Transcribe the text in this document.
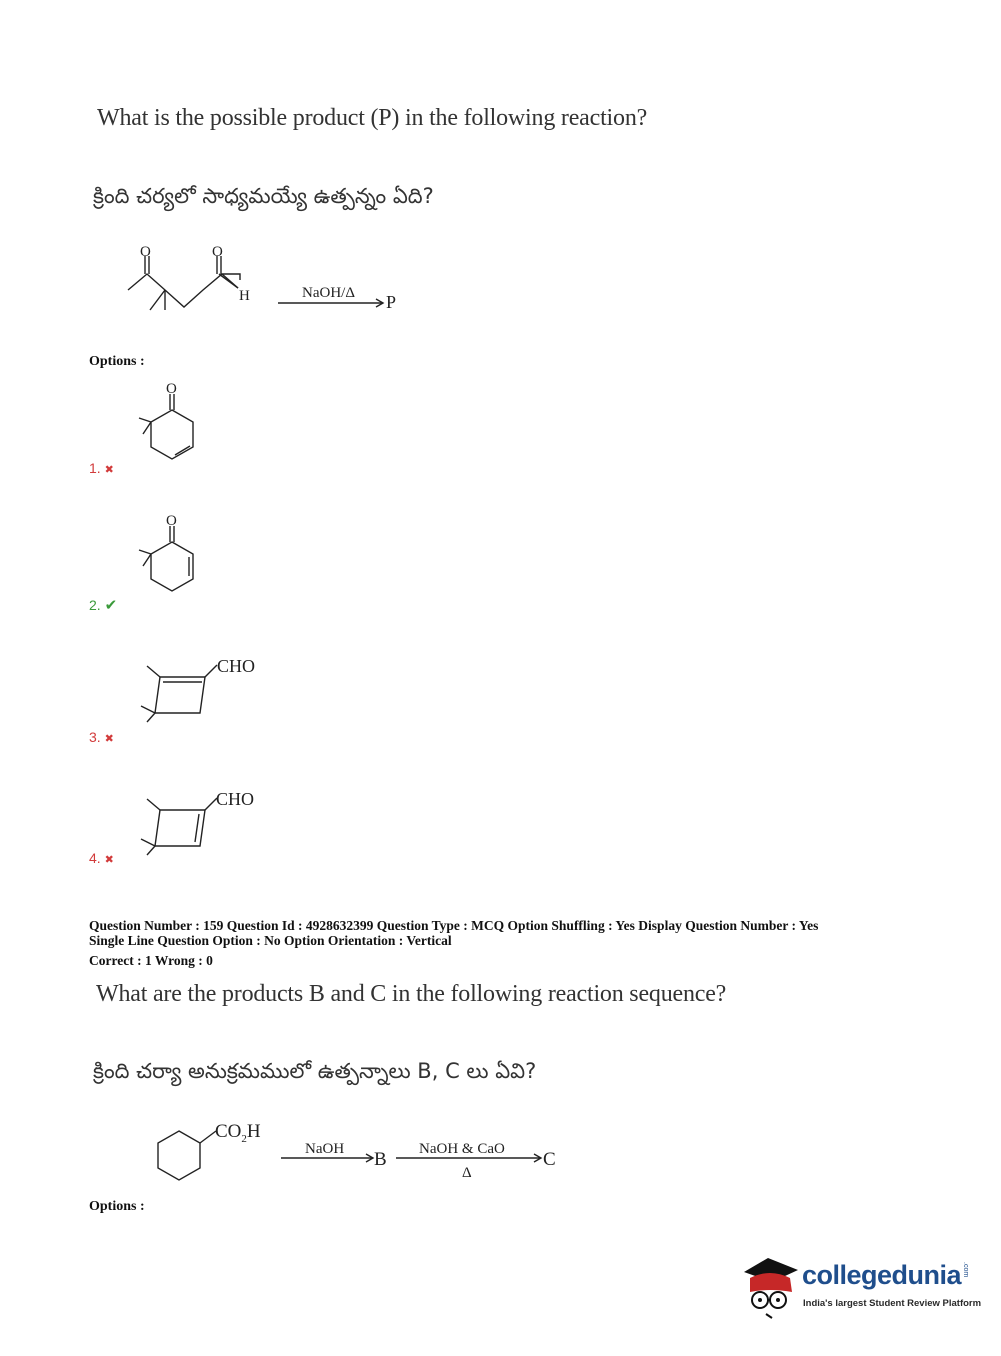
What is the possible product (P) in the following reaction?
క్రింది చర్యలో సాధ్యమయ్యే ఉత్పన్నం ఏది?
O	O
H	NaOH/Δ P
Options :
O
1. ✖
O
2. ✔
CHO
3. ✖
CHO
4. ✖
Question Number : 159 Question Id : 4928632399 Question Type : MCQ Option Shuffling : Yes Display Question Number : Yes
Single Line Question Option : No Option Orientation : Vertical
Correct : 1 Wrong : 0
What are the products B and C in the following reaction sequence?
క్రింది చర్యా అనుక్రమములో ఉత్పన్నాలు B, C లు ఏవి?
$CO_2H$
NaOH B NaOH & CaO
Δ
C
Options :
collegedunia .com
India's largest Student Review Platform
